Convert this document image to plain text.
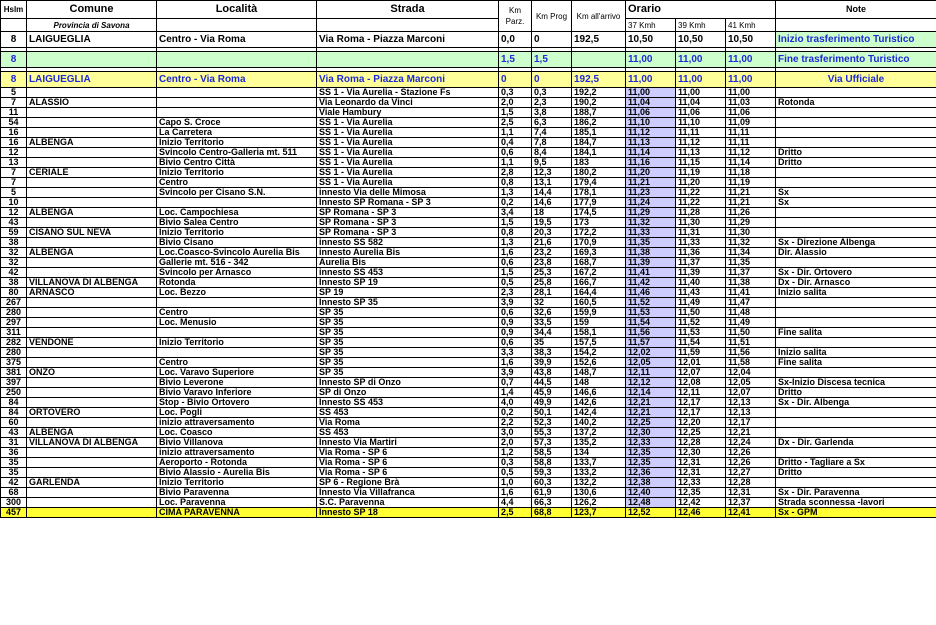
Hslm	Comune	Località	Strada	Km Parz.	Km Prog	Km all'arrivo	Orario			Note
	Provincia di Savona						37 Kmh	39 Kmh	41 Kmh	
8	LAIGUEGLIA	Centro - Via Roma	Via Roma - Piazza Marconi	0,0	0	192,5	10,50	10,50	10,50	Inizio trasferimento Turistico

8				1,5	1,5		11,00	11,00	11,00	Fine trasferimento Turistico

8	LAIGUEGLIA	Centro - Via Roma	Via Roma - Piazza Marconi	0	0	192,5	11,00	11,00	11,00	Via Ufficiale
5			SS 1 - Via Aurelia - Stazione Fs	0,3	0,3	192,2	11,00	11,00	11,00	
7	ALASSIO		Via Leonardo da Vinci	2,0	2,3	190,2	11,04	11,04	11,03	Rotonda
11			Viale Hambury	1,5	3,8	188,7	11,06	11,06	11,06	
54		Capo S. Croce	SS 1 - Via Aurelia	2,5	6,3	186,2	11,10	11,10	11,09	
16		La Carretera	SS 1 - Via Aurelia	1,1	7,4	185,1	11,12	11,11	11,11	
16	ALBENGA	Inizio Territorio	SS 1 - Via Aurelia	0,4	7,8	184,7	11,13	11,12	11,11	
12		Svincolo Centro-Galleria mt. 511	SS 1 - Via Aurelia	0,6	8,4	184,1	11,14	11,13	11,12	Dritto
13		Bivio Centro Città	SS 1 - Via Aurelia	1,1	9,5	183	11,16	11,15	11,14	Dritto
7	CERIALE	Inizio Territorio	SS 1 - Via Aurelia	2,8	12,3	180,2	11,20	11,19	11,18	
7		Centro	SS 1 - Via Aurelia	0,8	13,1	179,4	11,21	11,20	11,19	
5		Svincolo per Cisano S.N.	innesto Via delle Mimosa	1,3	14,4	178,1	11,23	11,22	11,21	Sx
10			Innesto SP Romana - SP 3	0,2	14,6	177,9	11,24	11,22	11,21	Sx
12	ALBENGA	Loc. Campochiesa	SP Romana - SP 3	3,4	18	174,5	11,29	11,28	11,26	
43		Bivio Salea Centro	SP Romana - SP 3	1,5	19,5	173	11,32	11,30	11,29	
59	CISANO SUL NEVA	Inizio Territorio	SP Romana - SP 3	0,8	20,3	172,2	11,33	11,31	11,30	
38		Bivio Cisano	innesto SS 582	1,3	21,6	170,9	11,35	11,33	11,32	Sx - Direzione Albenga
32	ALBENGA	Loc.Coasco-Svincolo Aurelia Bis	innesto Aurelia Bis	1,6	23,2	169,3	11,38	11,36	11,34	Dir. Alassio
32		Gallerie mt. 516 - 342	Aurelia Bis	0,6	23,8	168,7	11,39	11,37	11,35	
42		Svincolo per Arnasco	innesto SS 453	1,5	25,3	167,2	11,41	11,39	11,37	Sx - Dir. Ortovero
38	VILLANOVA DI ALBENGA	Rotonda	Innesto SP 19	0,5	25,8	166,7	11,42	11,40	11,38	Dx - Dir. Arnasco
80	ARNASCO	Loc. Bezzo	SP 19	2,3	28,1	164,4	11,46	11,43	11,41	Inizio salita
267			Innesto SP 35	3,9	32	160,5	11,52	11,49	11,47	
280		Centro	SP 35	0,6	32,6	159,9	11,53	11,50	11,48	
297		Loc. Menusio	SP 35	0,9	33,5	159	11,54	11,52	11,49	
311			SP 35	0,9	34,4	158,1	11,56	11,53	11,50	Fine salita
282	VENDONE	Inizio Territorio	SP 35	0,6	35	157,5	11,57	11,54	11,51	
280			SP 35	3,3	38,3	154,2	12,02	11,59	11,56	Inizio salita
375		Centro	SP 35	1,6	39,9	152,6	12,05	12,01	11,58	Fine salita
381	ONZO	Loc. Varavo Superiore	SP 35	3,9	43,8	148,7	12,11	12,07	12,04	
397		Bivio Leverone	Innesto SP di Onzo	0,7	44,5	148	12,12	12,08	12,05	Sx-Inizio Discesa tecnica
250		Bivio Varavo Inferiore	SP di Onzo	1,4	45,9	146,6	12,14	12,11	12,07	Dritto
84		Stop - Bivio Ortovero	Innesto SS 453	4,0	49,9	142,6	12,21	12,17	12,13	Sx - Dir. Albenga
84	ORTOVERO	Loc. Pogli	SS 453	0,2	50,1	142,4	12,21	12,17	12,13	
60		inizio attraversamento	Via Roma	2,2	52,3	140,2	12,25	12,20	12,17	
43	ALBENGA	Loc. Coasco	SS 453	3,0	55,3	137,2	12,30	12,25	12,21	
31	VILLANOVA DI ALBENGA	Bivio Villanova	Innesto Via Martiri	2,0	57,3	135,2	12,33	12,28	12,24	Dx - Dir. Garlenda
36		inizio attraversamento	Via Roma - SP 6	1,2	58,5	134	12,35	12,30	12,26	
35		Aeroporto - Rotonda	Via Roma - SP 6	0,3	58,8	133,7	12,35	12,31	12,26	Dritto - Tagliare a Sx
35		Bivio Alassio - Aurelia Bis	Via Roma - SP 6	0,5	59,3	133,2	12,36	12,31	12,27	Dritto
42	GARLENDA	Inizio Territorio	SP 6 - Regione Brà	1,0	60,3	132,2	12,38	12,33	12,28	
68		Bivio Paravenna	Innesto Via Villafranca	1,6	61,9	130,6	12,40	12,35	12,31	Sx - Dir. Paravenna
300		Loc. Paravenna	S.C. Paravenna	4,4	66,3	126,2	12,48	12,42	12,37	Strada sconnessa -lavori
457		CIMA PARAVENNA	Innesto SP 18	2,5	68,8	123,7	12,52	12,46	12,41	Sx - GPM
